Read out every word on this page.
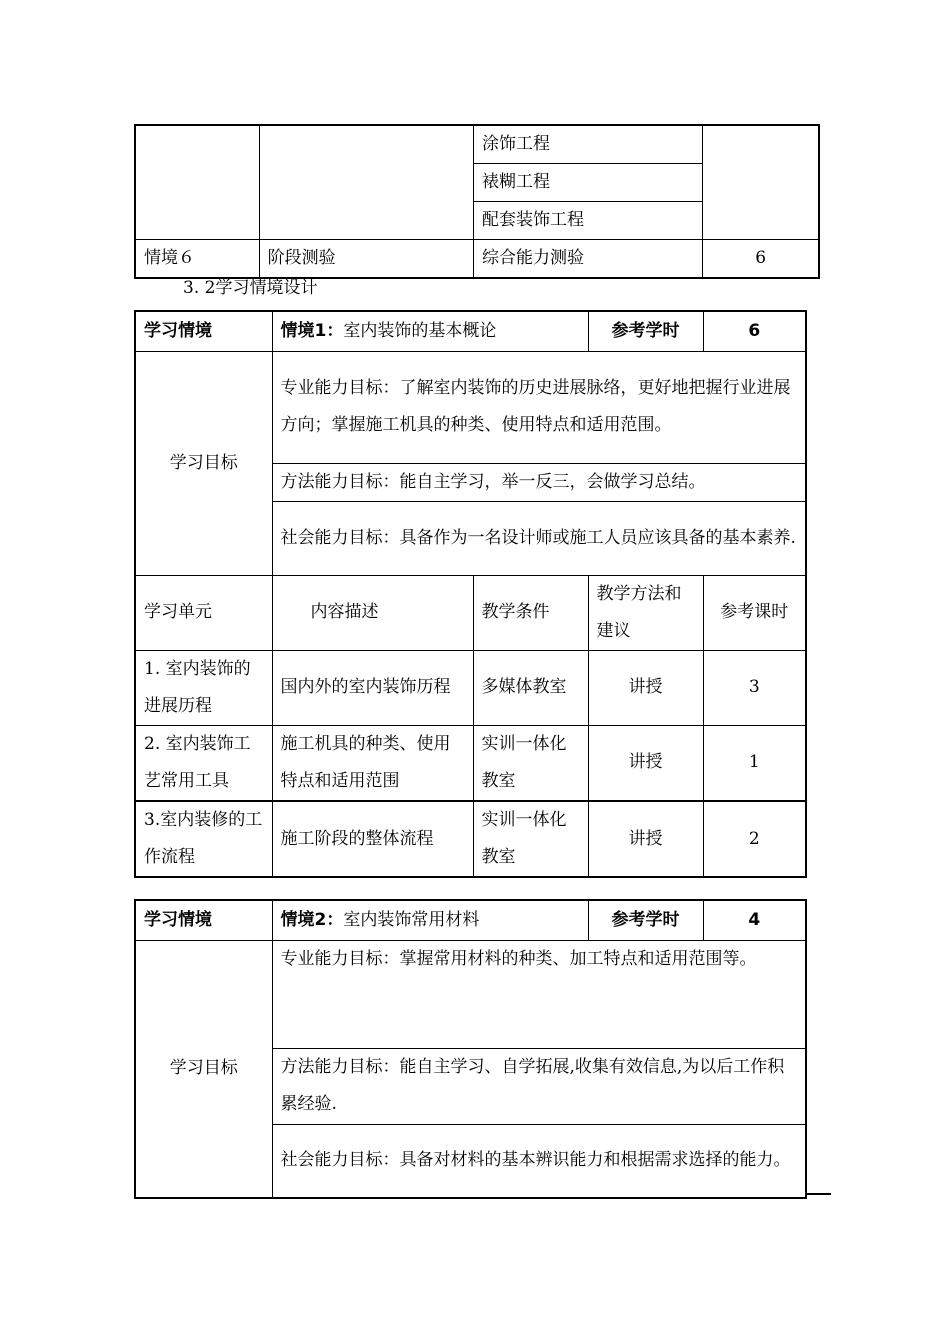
		涂饰工程	
		裱糊工程	
		配套装饰工程	
情境６	阶段测验	综合能力测验	6
3. 2学习情境设计
学习情境	情境1：室内装饰的基本概论		参考学时	6
学习目标	专业能力目标：了解室内装饰的历史进展脉络，更好地把握行业进展方向；掌握施工机具的种类、使用特点和适用范围。			
	方法能力目标：能自主学习，举一反三，会做学习总结。			
	社会能力目标：具备作为一名设计师或施工人员应该具备的基本素养.			
学习单元	内容描述	教学条件	教学方法和建议	参考课时
1. 室内装饰的进展历程	国内外的室内装饰历程	多媒体教室	讲授	3
2. 室内装饰工艺常用工具	施工机具的种类、使用特点和适用范围	实训一体化教室	讲授	1
3.室内装修的工作流程	施工阶段的整体流程	实训一体化教室	讲授	2
学习情境	情境2：室内装饰常用材料	参考学时	4
学习目标	专业能力目标：掌握常用材料的种类、加工特点和适用范围等。		
	方法能力目标：能自主学习、自学拓展,收集有效信息,为以后工作积累经验.		
	社会能力目标：具备对材料的基本辨识能力和根据需求选择的能力。		
